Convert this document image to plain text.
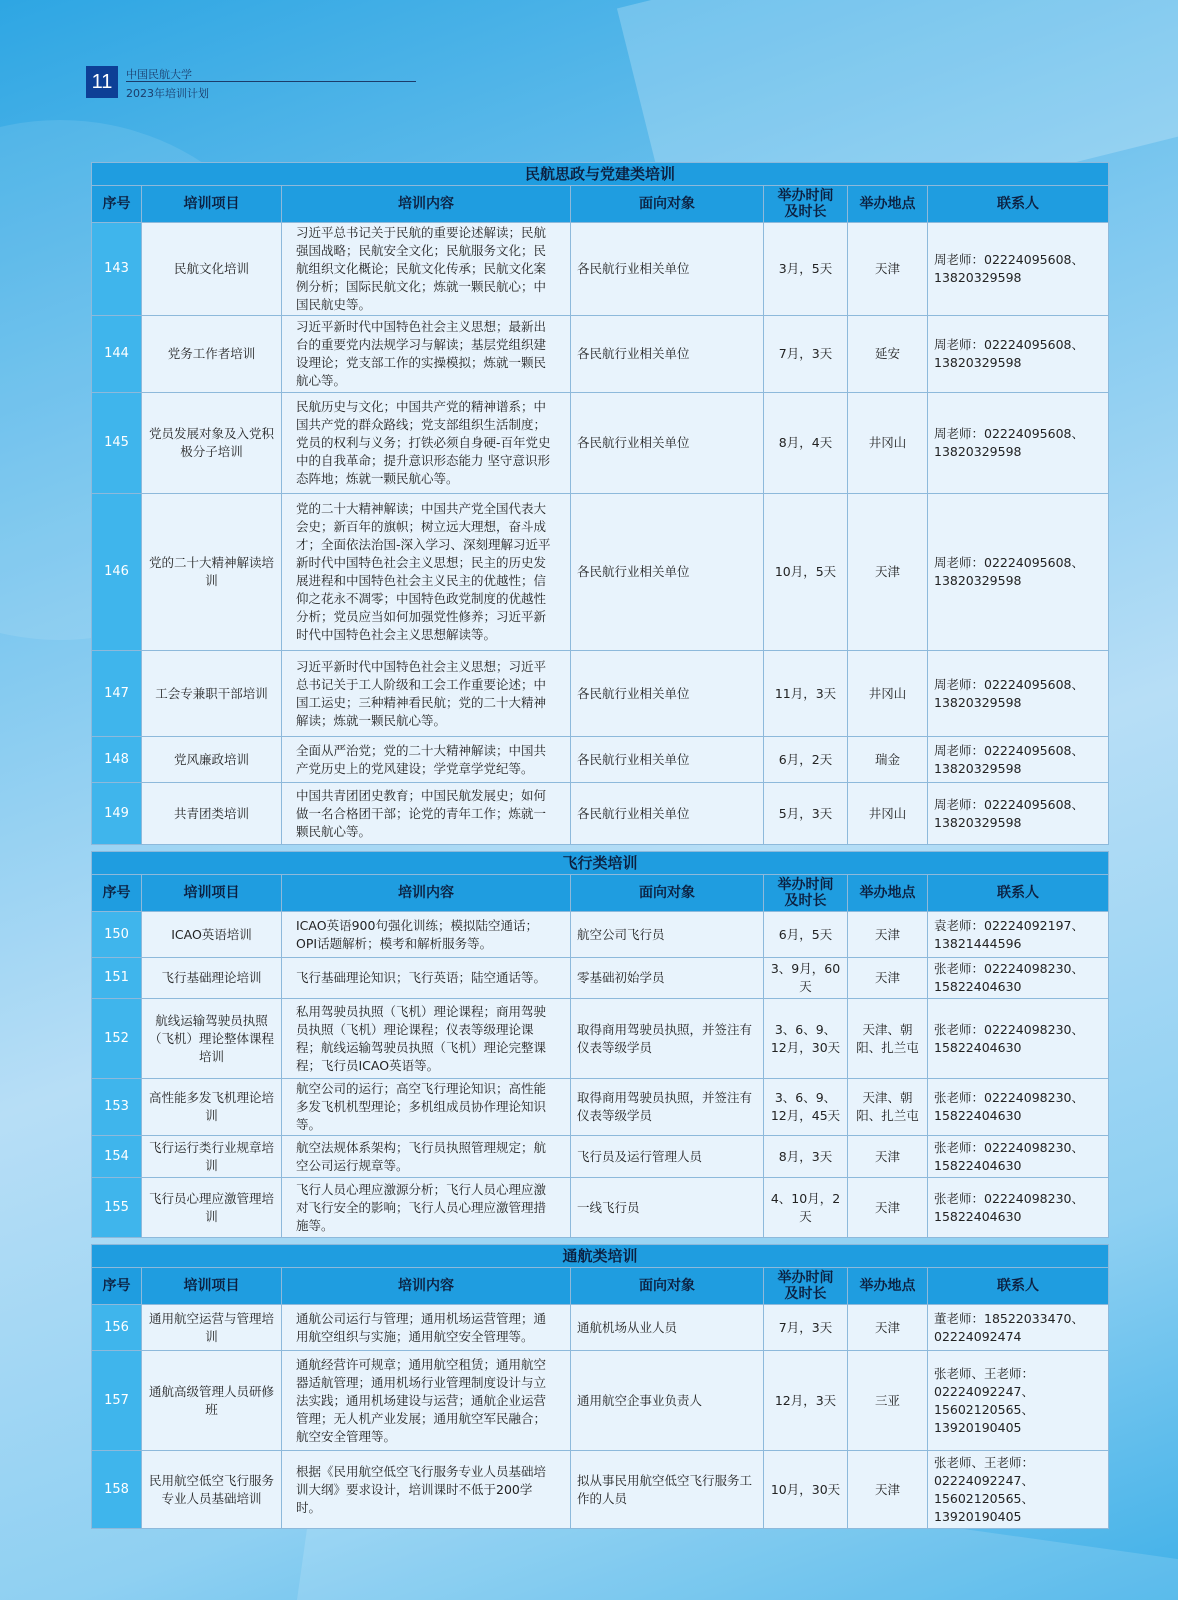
11	中国民航大学
2023年培训计划
民航思政与党建类培训						
序号	培训项目	培训内容	面向对象	举办时间及时长	举办地点	联系人
143	民航文化培训	习近平总书记关于民航的重要论述解读；民航强国战略；民航安全文化；民航服务文化；民航组织文化概论；民航文化传承；民航文化案例分析；国际民航文化；炼就一颗民航心；中国民航史等。	各民航行业相关单位	3月，5天	天津	周老师：02224095608、13820329598
144	党务工作者培训	习近平新时代中国特色社会主义思想；最新出台的重要党内法规学习与解读；基层党组织建设理论；党支部工作的实操模拟；炼就一颗民航心等。	各民航行业相关单位	7月，3天	延安	周老师：02224095608、13820329598
145	党员发展对象及入党积极分子培训	民航历史与文化；中国共产党的精神谱系；中国共产党的群众路线；党支部组织生活制度；党员的权利与义务；打铁必须自身硬-百年党史中的自我革命；提升意识形态能力 坚守意识形态阵地；炼就一颗民航心等。	各民航行业相关单位	8月，4天	井冈山	周老师：02224095608、13820329598
146	党的二十大精神解读培训	党的二十大精神解读；中国共产党全国代表大会史；新百年的旗帜；树立远大理想，奋斗成才；全面依法治国-深入学习、深刻理解习近平新时代中国特色社会主义思想；民主的历史发展进程和中国特色社会主义民主的优越性；信仰之花永不凋零；中国特色政党制度的优越性分析；党员应当如何加强党性修养；习近平新时代中国特色社会主义思想解读等。	各民航行业相关单位	10月，5天	天津	周老师：02224095608、13820329598
147	工会专兼职干部培训	习近平新时代中国特色社会主义思想；习近平总书记关于工人阶级和工会工作重要论述；中国工运史；三种精神看民航；党的二十大精神解读；炼就一颗民航心等。	各民航行业相关单位	11月，3天	井冈山	周老师：02224095608、13820329598
148	党风廉政培训	全面从严治党；党的二十大精神解读；中国共产党历史上的党风建设；学党章学党纪等。	各民航行业相关单位	6月，2天	瑞金	周老师：02224095608、13820329598
149	共青团类培训	中国共青团团史教育；中国民航发展史；如何做一名合格团干部；论党的青年工作；炼就一颗民航心等。	各民航行业相关单位	5月，3天	井冈山	周老师：02224095608、13820329598
飞行类培训						
序号	培训项目	培训内容	面向对象	举办时间及时长	举办地点	联系人
150	ICAO英语培训	ICAO英语900句强化训练；模拟陆空通话；OPI话题解析；模考和解析服务等。	航空公司飞行员	6月，5天	天津	袁老师：02224092197、13821444596
151	飞行基础理论培训	飞行基础理论知识；飞行英语；陆空通话等。	零基础初始学员	3、9月，60天	天津	张老师：02224098230、15822404630
152	航线运输驾驶员执照（飞机）理论整体课程培训	私用驾驶员执照（飞机）理论课程；商用驾驶员执照（飞机）理论课程；仪表等级理论课程；航线运输驾驶员执照（飞机）理论完整课程；飞行员ICAO英语等。	取得商用驾驶员执照，并签注有仪表等级学员	3、6、9、12月，30天	天津、朝阳、扎兰屯	张老师：02224098230、15822404630
153	高性能多发飞机理论培训	航空公司的运行；高空飞行理论知识；高性能多发飞机机型理论；多机组成员协作理论知识等。	取得商用驾驶员执照，并签注有仪表等级学员	3、6、9、12月，45天	天津、朝阳、扎兰屯	张老师：02224098230、15822404630
154	飞行运行类行业规章培训	航空法规体系架构；飞行员执照管理规定；航空公司运行规章等。	飞行员及运行管理人员	8月，3天	天津	张老师：02224098230、15822404630
155	飞行员心理应激管理培训	飞行人员心理应激源分析；飞行人员心理应激对飞行安全的影响；飞行人员心理应激管理措施等。	一线飞行员	4、10月，2天	天津	张老师：02224098230、15822404630
通航类培训						
序号	培训项目	培训内容	面向对象	举办时间及时长	举办地点	联系人
156	通用航空运营与管理培训	通航公司运行与管理；通用机场运营管理；通用航空组织与实施；通用航空安全管理等。	通航机场从业人员	7月，3天	天津	董老师：18522033470、02224092474
157	通航高级管理人员研修班	通航经营许可规章；通用航空租赁；通用航空器适航管理；通用机场行业管理制度设计与立法实践；通用机场建设与运营；通航企业运营管理；无人机产业发展；通用航空军民融合；航空安全管理等。	通用航空企事业负责人	12月，3天	三亚	张老师、王老师：02224092247、15602120565、13920190405
158	民用航空低空飞行服务专业人员基础培训	根据《民用航空低空飞行服务专业人员基础培训大纲》要求设计，培训课时不低于200学时。	拟从事民用航空低空飞行服务工作的人员	10月，30天	天津	张老师、王老师：02224092247、15602120565、13920190405
